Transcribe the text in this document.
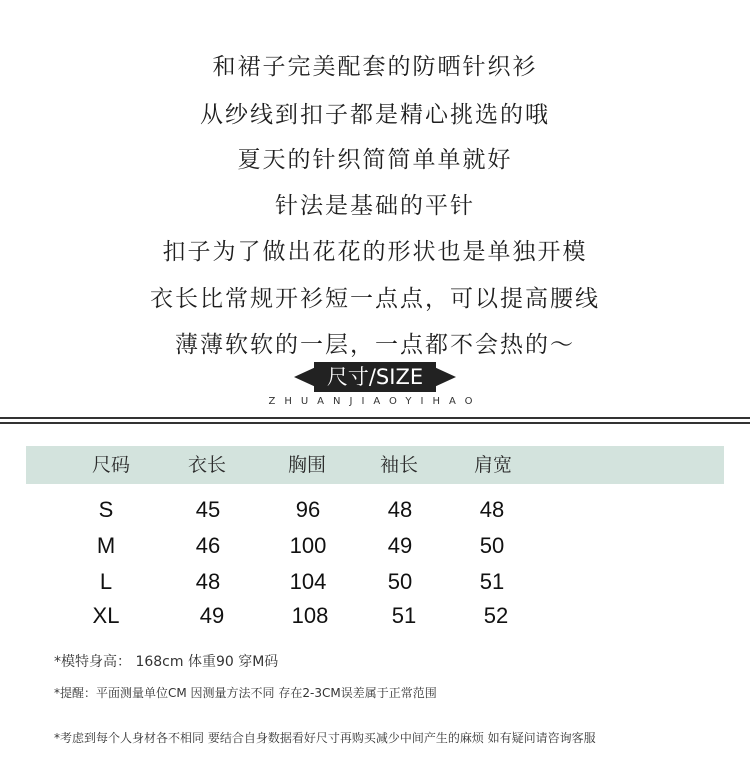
和裙子完美配套的防晒针织衫
从纱线到扣子都是精心挑选的哦
夏天的针织简简单单就好
针法是基础的平针
扣子为了做出花花的形状也是单独开模
衣长比常规开衫短一点点，可以提高腰线
薄薄软软的一层，一点都不会热的～
尺寸/SIZE
ZHUANJIAOYIHAO
尺码	衣长	胸围	袖长	肩宽
S	45	96	48	48
M	46	100	49	50
L	48	104	50	51
XL	49	108	51	52
*模特身高： 168cm 体重90 穿M码
*提醒：平面测量单位CM 因测量方法不同 存在2-3CM误差属于正常范围
*考虑到每个人身材各不相同 要结合自身数据看好尺寸再购买减少中间产生的麻烦 如有疑问请咨询客服
